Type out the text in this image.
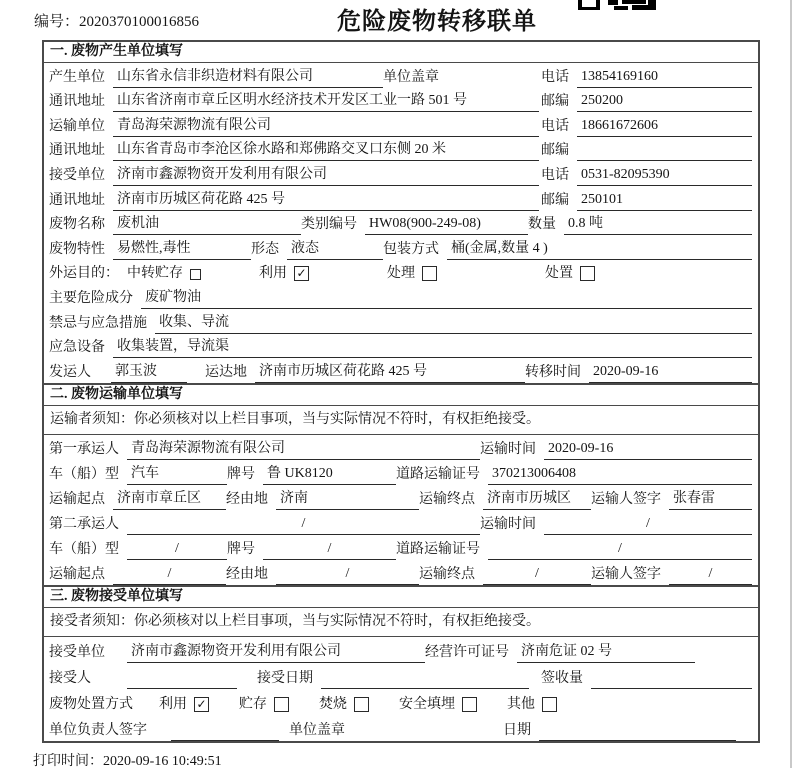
编号：2020370100016856	危险废物转移联单
一. 废物产生单位填写
产生单位 山东省永信非织造材料有限公司	单位盖章	电话 13854169160
通讯地址 山东省济南市章丘区明水经济技术开发区工业一路 501 号	邮编 250200
运输单位 青岛海荣源物流有限公司	电话 18661672606
通讯地址 山东省青岛市李沧区徐水路和郑佛路交叉口东侧 20 米	邮编
接受单位 济南市鑫源物资开发利用有限公司	电话 0531-82095390
通讯地址 济南市历城区荷花路 425 号	邮编 250101
废物名称 废机油	类别编号 HW08(900-249-08)	数量 0.8 吨
废物特性 易燃性,毒性	形态 液态	包装方式 桶(金属,数量 4 )
外运目的： 中转贮存	利用 ✓	处理	处置
主要危险成分 废矿物油
禁忌与应急措施 收集、导流
应急设备 收集装置，导流渠
发运人 郭玉波	运达地 济南市历城区荷花路 425 号	转移时间 2020-09-16
二. 废物运输单位填写
运输者须知：你必须核对以上栏目事项，当与实际情况不符时，有权拒绝接受。
第一承运人 青岛海荣源物流有限公司	运输时间 2020-09-16
车（船）型 汽车	牌号 鲁 UK8120	道路运输证号 370213006408
运输起点 济南市章丘区	经由地 济南	运输终点 济南市历城区	运输人签字 张春雷
第二承运人	/	运输时间	/
车（船）型	/	牌号	/	道路运输证号	/
运输起点	/	经由地	/	运输终点	/	运输人签字	/
三. 废物接受单位填写
接受者须知：你必须核对以上栏目事项，当与实际情况不符时，有权拒绝接受。
接受单位 济南市鑫源物资开发利用有限公司	经营许可证号 济南危证 02 号
接受人	接受日期	签收量
废物处置方式 利用 ✓ 贮存	焚烧	安全填埋	其他
单位负责人签字	单位盖章	日期
打印时间：2020-09-16 10:49:51
